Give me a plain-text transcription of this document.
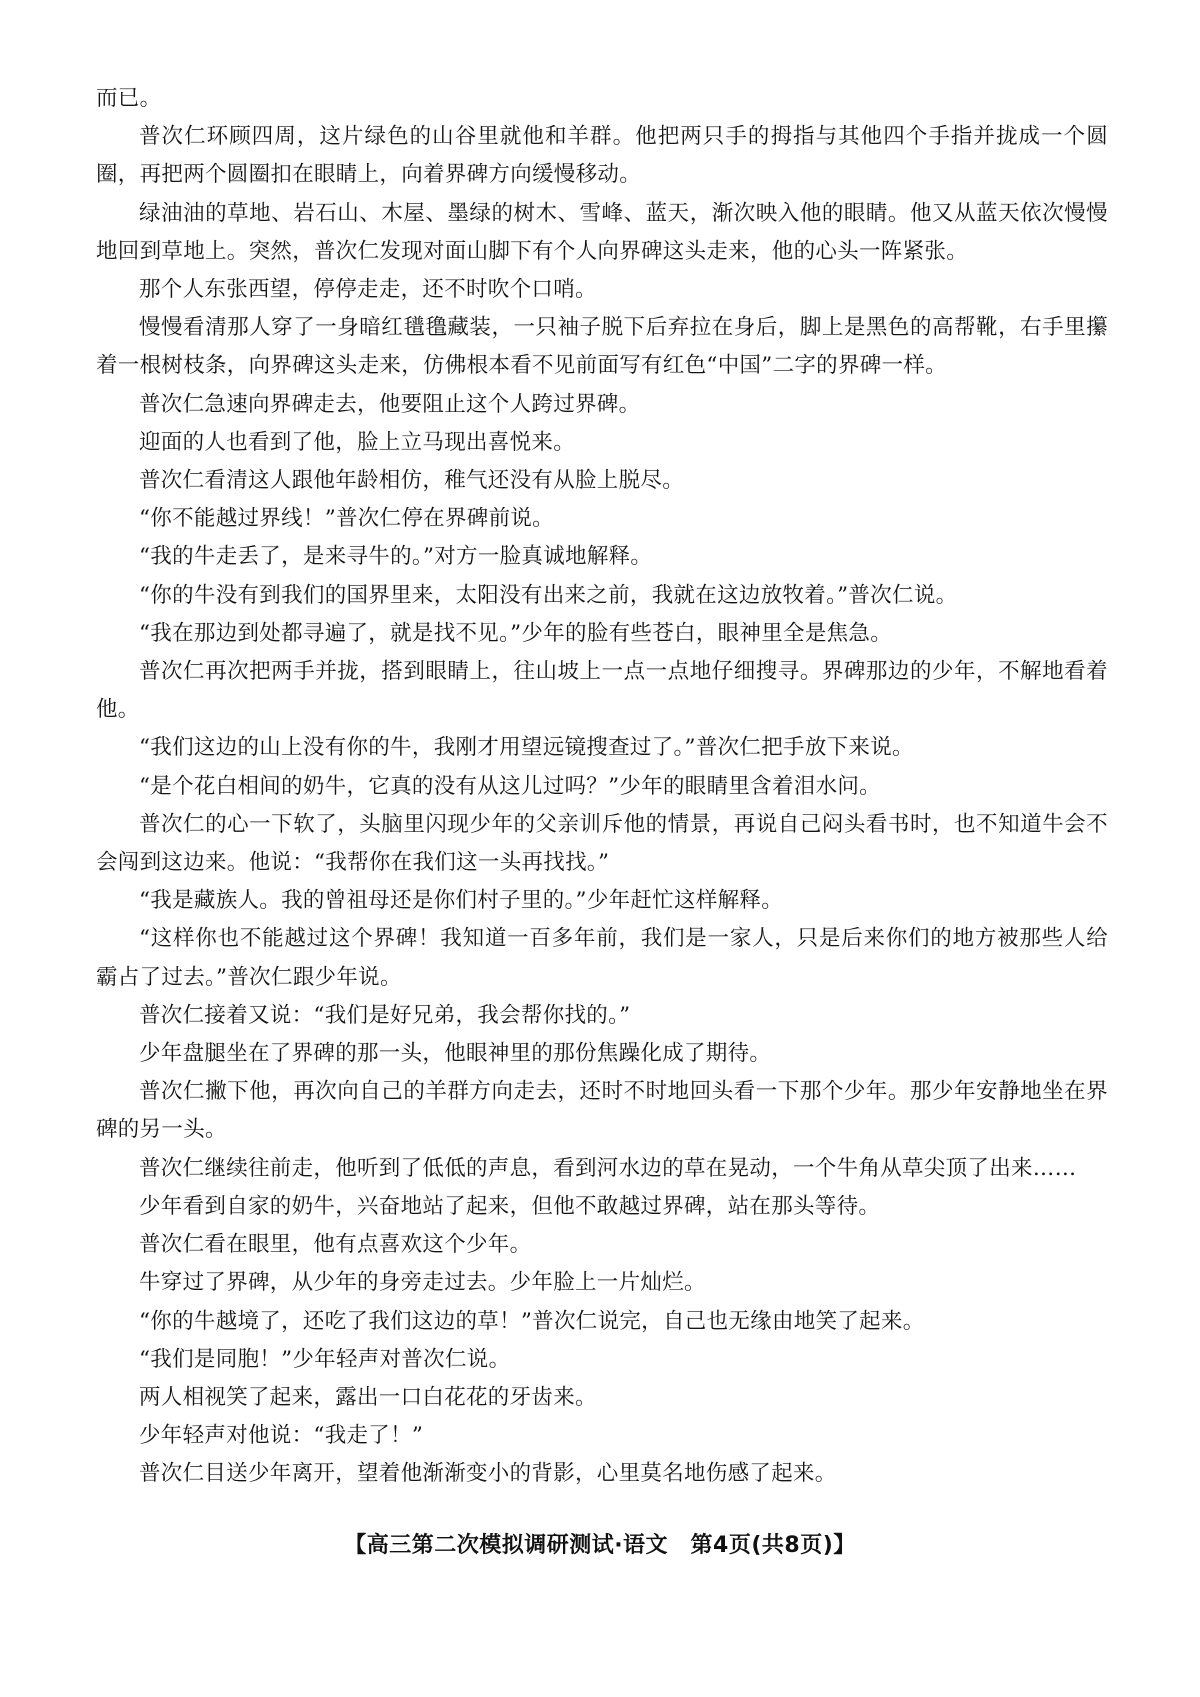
而已。

普次仁环顾四周，这片绿色的山谷里就他和羊群。他把两只手的拇指与其他四个手指并拢成一个圆圈，再把两个圆圈扣在眼睛上，向着界碑方向缓慢移动。

绿油油的草地、岩石山、木屋、墨绿的树木、雪峰、蓝天，渐次映入他的眼睛。他又从蓝天依次慢慢地回到草地上。突然，普次仁发现对面山脚下有个人向界碑这头走来，他的心头一阵紧张。

那个人东张西望，停停走走，还不时吹个口哨。

慢慢看清那人穿了一身暗红氆氇藏装，一只袖子脱下后弃拉在身后，脚上是黑色的高帮靴，右手里攥着一根树枝条，向界碑这头走来，仿佛根本看不见前面写有红色“中国”二字的界碑一样。

普次仁急速向界碑走去，他要阻止这个人跨过界碑。

迎面的人也看到了他，脸上立马现出喜悦来。

普次仁看清这人跟他年龄相仿，稚气还没有从脸上脱尽。

“你不能越过界线！”普次仁停在界碑前说。

“我的牛走丢了，是来寻牛的。”对方一脸真诚地解释。

“你的牛没有到我们的国界里来，太阳没有出来之前，我就在这边放牧着。”普次仁说。

“我在那边到处都寻遍了，就是找不见。”少年的脸有些苍白，眼神里全是焦急。

普次仁再次把两手并拢，搭到眼睛上，往山坡上一点一点地仔细搜寻。界碑那边的少年，不解地看着他。

“我们这边的山上没有你的牛，我刚才用望远镜搜查过了。”普次仁把手放下来说。

“是个花白相间的奶牛，它真的没有从这儿过吗？”少年的眼睛里含着泪水问。

普次仁的心一下软了，头脑里闪现少年的父亲训斥他的情景，再说自己闷头看书时，也不知道牛会不会闯到这边来。他说：“我帮你在我们这一头再找找。”

“我是藏族人。我的曾祖母还是你们村子里的。”少年赶忙这样解释。

“这样你也不能越过这个界碑！我知道一百多年前，我们是一家人，只是后来你们的地方被那些人给霸占了过去。”普次仁跟少年说。

普次仁接着又说：“我们是好兄弟，我会帮你找的。”

少年盘腿坐在了界碑的那一头，他眼神里的那份焦躁化成了期待。

普次仁撇下他，再次向自己的羊群方向走去，还时不时地回头看一下那个少年。那少年安静地坐在界碑的另一头。

普次仁继续往前走，他听到了低低的声息，看到河水边的草在晃动，一个牛角从草尖顶了出来……

少年看到自家的奶牛，兴奋地站了起来，但他不敢越过界碑，站在那头等待。

普次仁看在眼里，他有点喜欢这个少年。

牛穿过了界碑，从少年的身旁走过去。少年脸上一片灿烂。

“你的牛越境了，还吃了我们这边的草！”普次仁说完，自己也无缘由地笑了起来。

“我们是同胞！”少年轻声对普次仁说。

两人相视笑了起来，露出一口白花花的牙齿来。

少年轻声对他说：“我走了！”

普次仁目送少年离开，望着他渐渐变小的背影，心里莫名地伤感了起来。

【高三第二次模拟调研测试·语文　第4页(共8页)】
